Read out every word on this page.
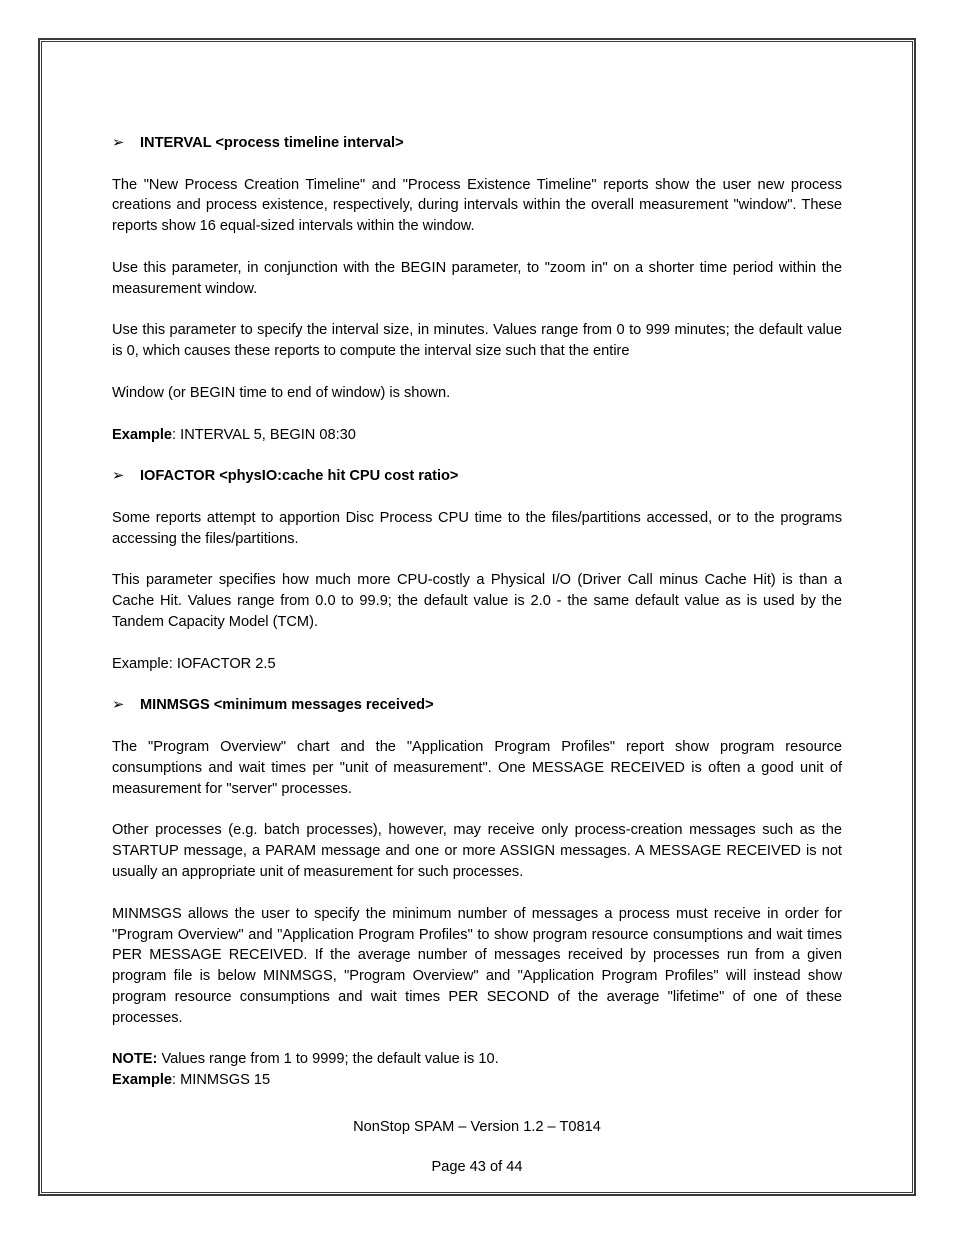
➢ INTERVAL <process timeline interval>

The "New Process Creation Timeline" and "Process Existence Timeline" reports show the user new process creations and process existence, respectively, during intervals within the overall measurement "window". These reports show 16 equal-sized intervals within the window.

Use this parameter, in conjunction with the BEGIN parameter, to "zoom in" on a shorter time period within the measurement window.

Use this parameter to specify the interval size, in minutes. Values range from 0 to 999 minutes; the default value is 0, which causes these reports to compute the interval size such that the entire

Window (or BEGIN time to end of window) is shown.

Example: INTERVAL 5, BEGIN 08:30

➢ IOFACTOR <physIO:cache hit CPU cost ratio>

Some reports attempt to apportion Disc Process CPU time to the files/partitions accessed, or to the programs accessing the files/partitions.

This parameter specifies how much more CPU-costly a Physical I/O (Driver Call minus Cache Hit) is than a Cache Hit. Values range from 0.0 to 99.9; the default value is 2.0 - the same default value as is used by the Tandem Capacity Model (TCM).

Example: IOFACTOR 2.5

➢ MINMSGS <minimum messages received>

The "Program Overview" chart and the "Application Program Profiles" report show program resource consumptions and wait times per "unit of measurement". One MESSAGE RECEIVED is often a good unit of measurement for "server" processes.

Other processes (e.g. batch processes), however, may receive only process-creation messages such as the STARTUP message, a PARAM message and one or more ASSIGN messages. A MESSAGE RECEIVED is not usually an appropriate unit of measurement for such processes.

MINMSGS allows the user to specify the minimum number of messages a process must receive in order for "Program Overview" and "Application Program Profiles" to show program resource consumptions and wait times PER MESSAGE RECEIVED. If the average number of messages received by processes run from a given program file is below MINMSGS, "Program Overview" and "Application Program Profiles" will instead show program resource consumptions and wait times PER SECOND of the average "lifetime" of one of these processes.

NOTE: Values range from 1 to 9999; the default value is 10.

Example: MINMSGS 15

NonStop SPAM – Version 1.2 – T0814
Page 43 of 44
